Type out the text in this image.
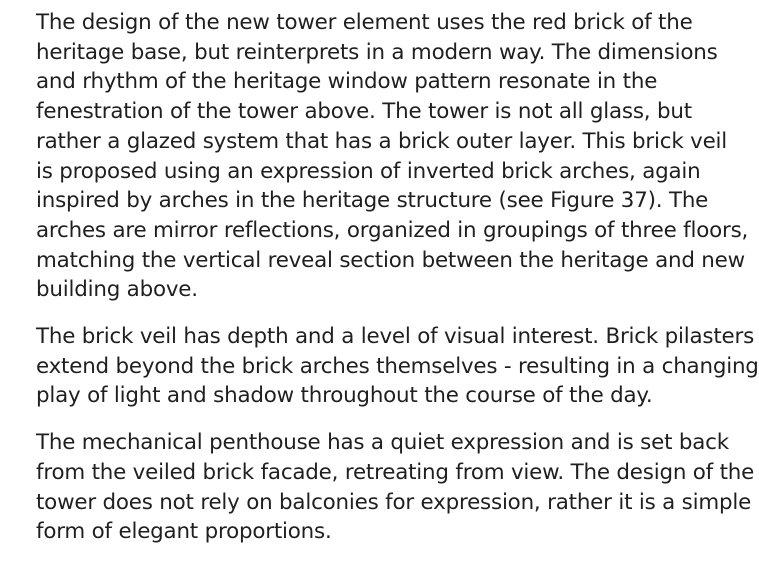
The design of the new tower element uses the red brick of the
heritage base, but reinterprets in a modern way. The dimensions
and rhythm of the heritage window pattern resonate in the
fenestration of the tower above. The tower is not all glass, but
rather a glazed system that has a brick outer layer. This brick veil
is proposed using an expression of inverted brick arches, again
inspired by arches in the heritage structure (see Figure 37). The
arches are mirror reflections, organized in groupings of three floors,
matching the vertical reveal section between the heritage and new
building above.

The brick veil has depth and a level of visual interest. Brick pilasters
extend beyond the brick arches themselves - resulting in a changing
play of light and shadow throughout the course of the day.

The mechanical penthouse has a quiet expression and is set back
from the veiled brick facade, retreating from view. The design of the
tower does not rely on balconies for expression, rather it is a simple
form of elegant proportions.
